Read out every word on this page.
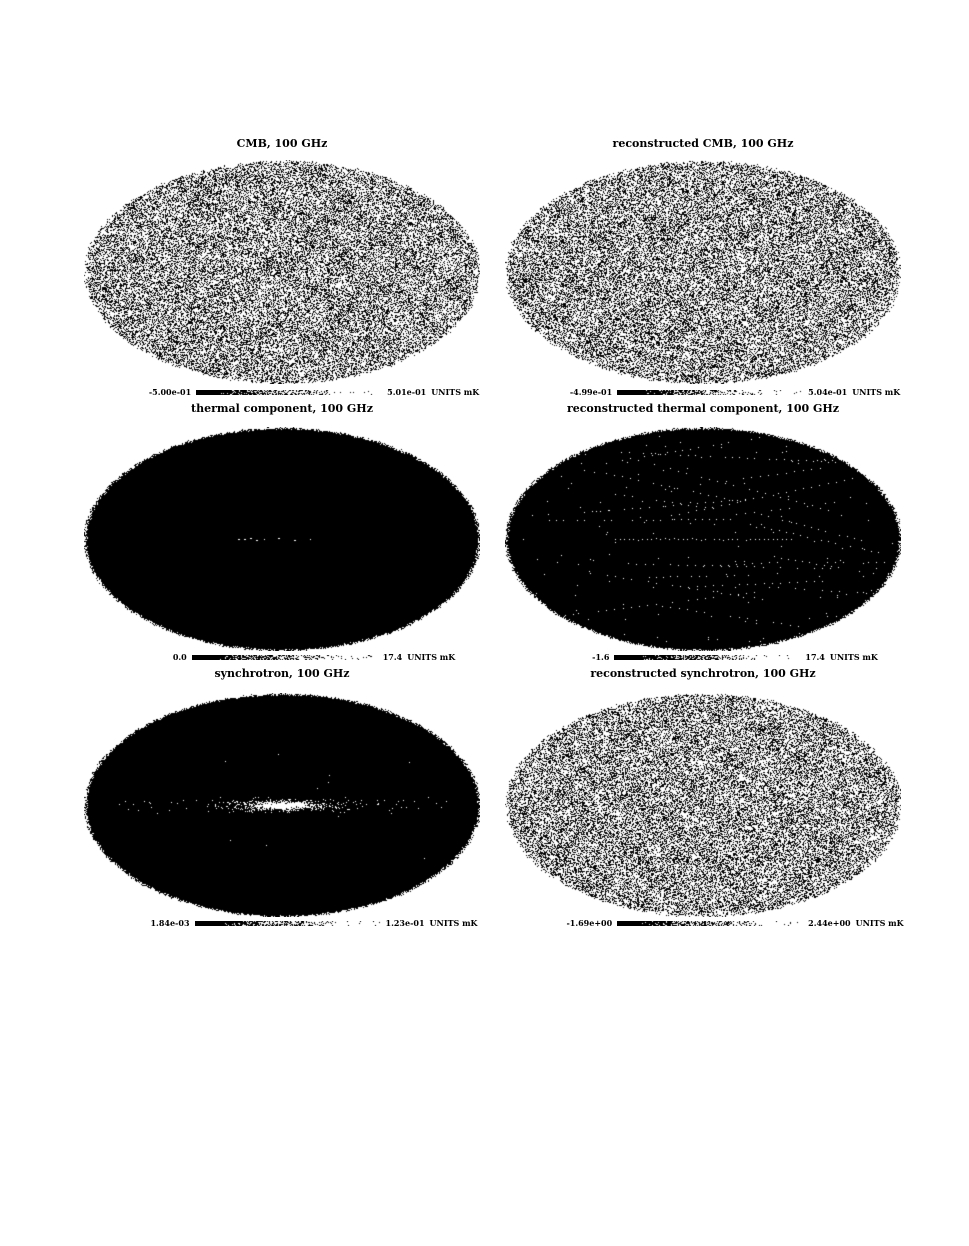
CMB, 100 GHz
-5.00e-01	5.01e-01 UNITS mK
reconstructed CMB, 100 GHz
-4.99e-01	5.04e-01 UNITS mK
thermal component, 100 GHz
0.0	17.4 UNITS mK
reconstructed thermal component, 100 GHz
-1.6	17.4 UNITS mK
synchrotron, 100 GHz
1.84e-03	1.23e-01 UNITS mK
reconstructed synchrotron, 100 GHz
-1.69e+00	2.44e+00 UNITS mK
